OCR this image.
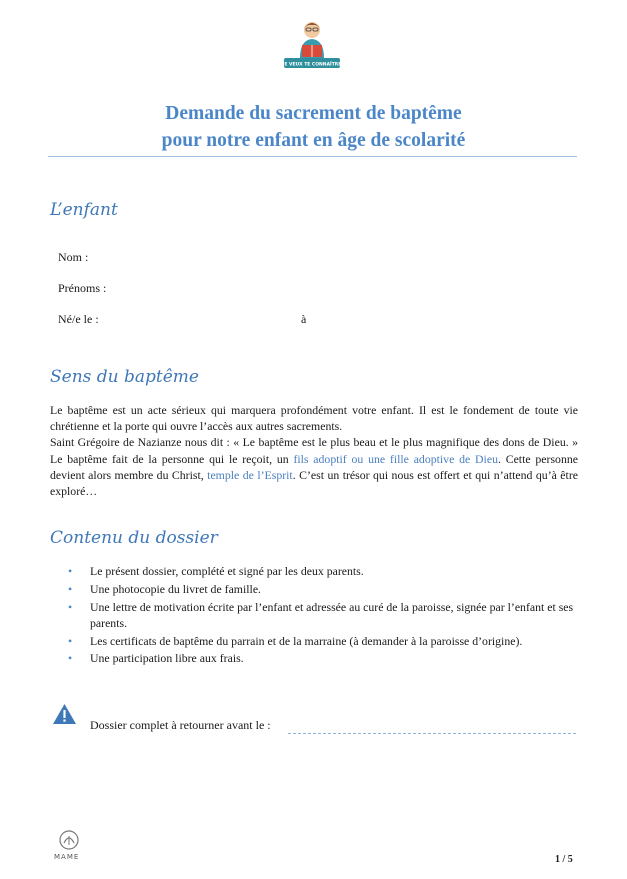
JE VEUX TE CONNAÎTRE
Demande du sacrement de baptême
pour notre enfant en âge de scolarité
L’enfant
Nom :
Prénoms :
Né/e le :	à
Sens du baptême
Le baptême est un acte sérieux qui marquera profondément votre enfant. Il est le fondement de toute vie chrétienne et la porte qui ouvre l’accès aux autres sacrements.
Saint Grégoire de Nazianze nous dit : « Le baptême est le plus beau et le plus magnifique des dons de Dieu. » Le baptême fait de la personne qui le reçoit, un fils adoptif ou une fille adoptive de Dieu. Cette personne devient alors membre du Christ, temple de l’Esprit. C’est un trésor qui nous est offert et qui n’attend qu’à être exploré…
Contenu du dossier
• Le présent dossier, complété et signé par les deux parents.
• Une photocopie du livret de famille.
• Une lettre de motivation écrite par l’enfant et adressée au curé de la paroisse, signée par l’enfant et ses parents.
• Les certificats de baptême du parrain et de la marraine (à demander à la paroisse d’origine).
• Une participation libre aux frais.
Dossier complet à retourner avant le :
MAME	1 / 5
